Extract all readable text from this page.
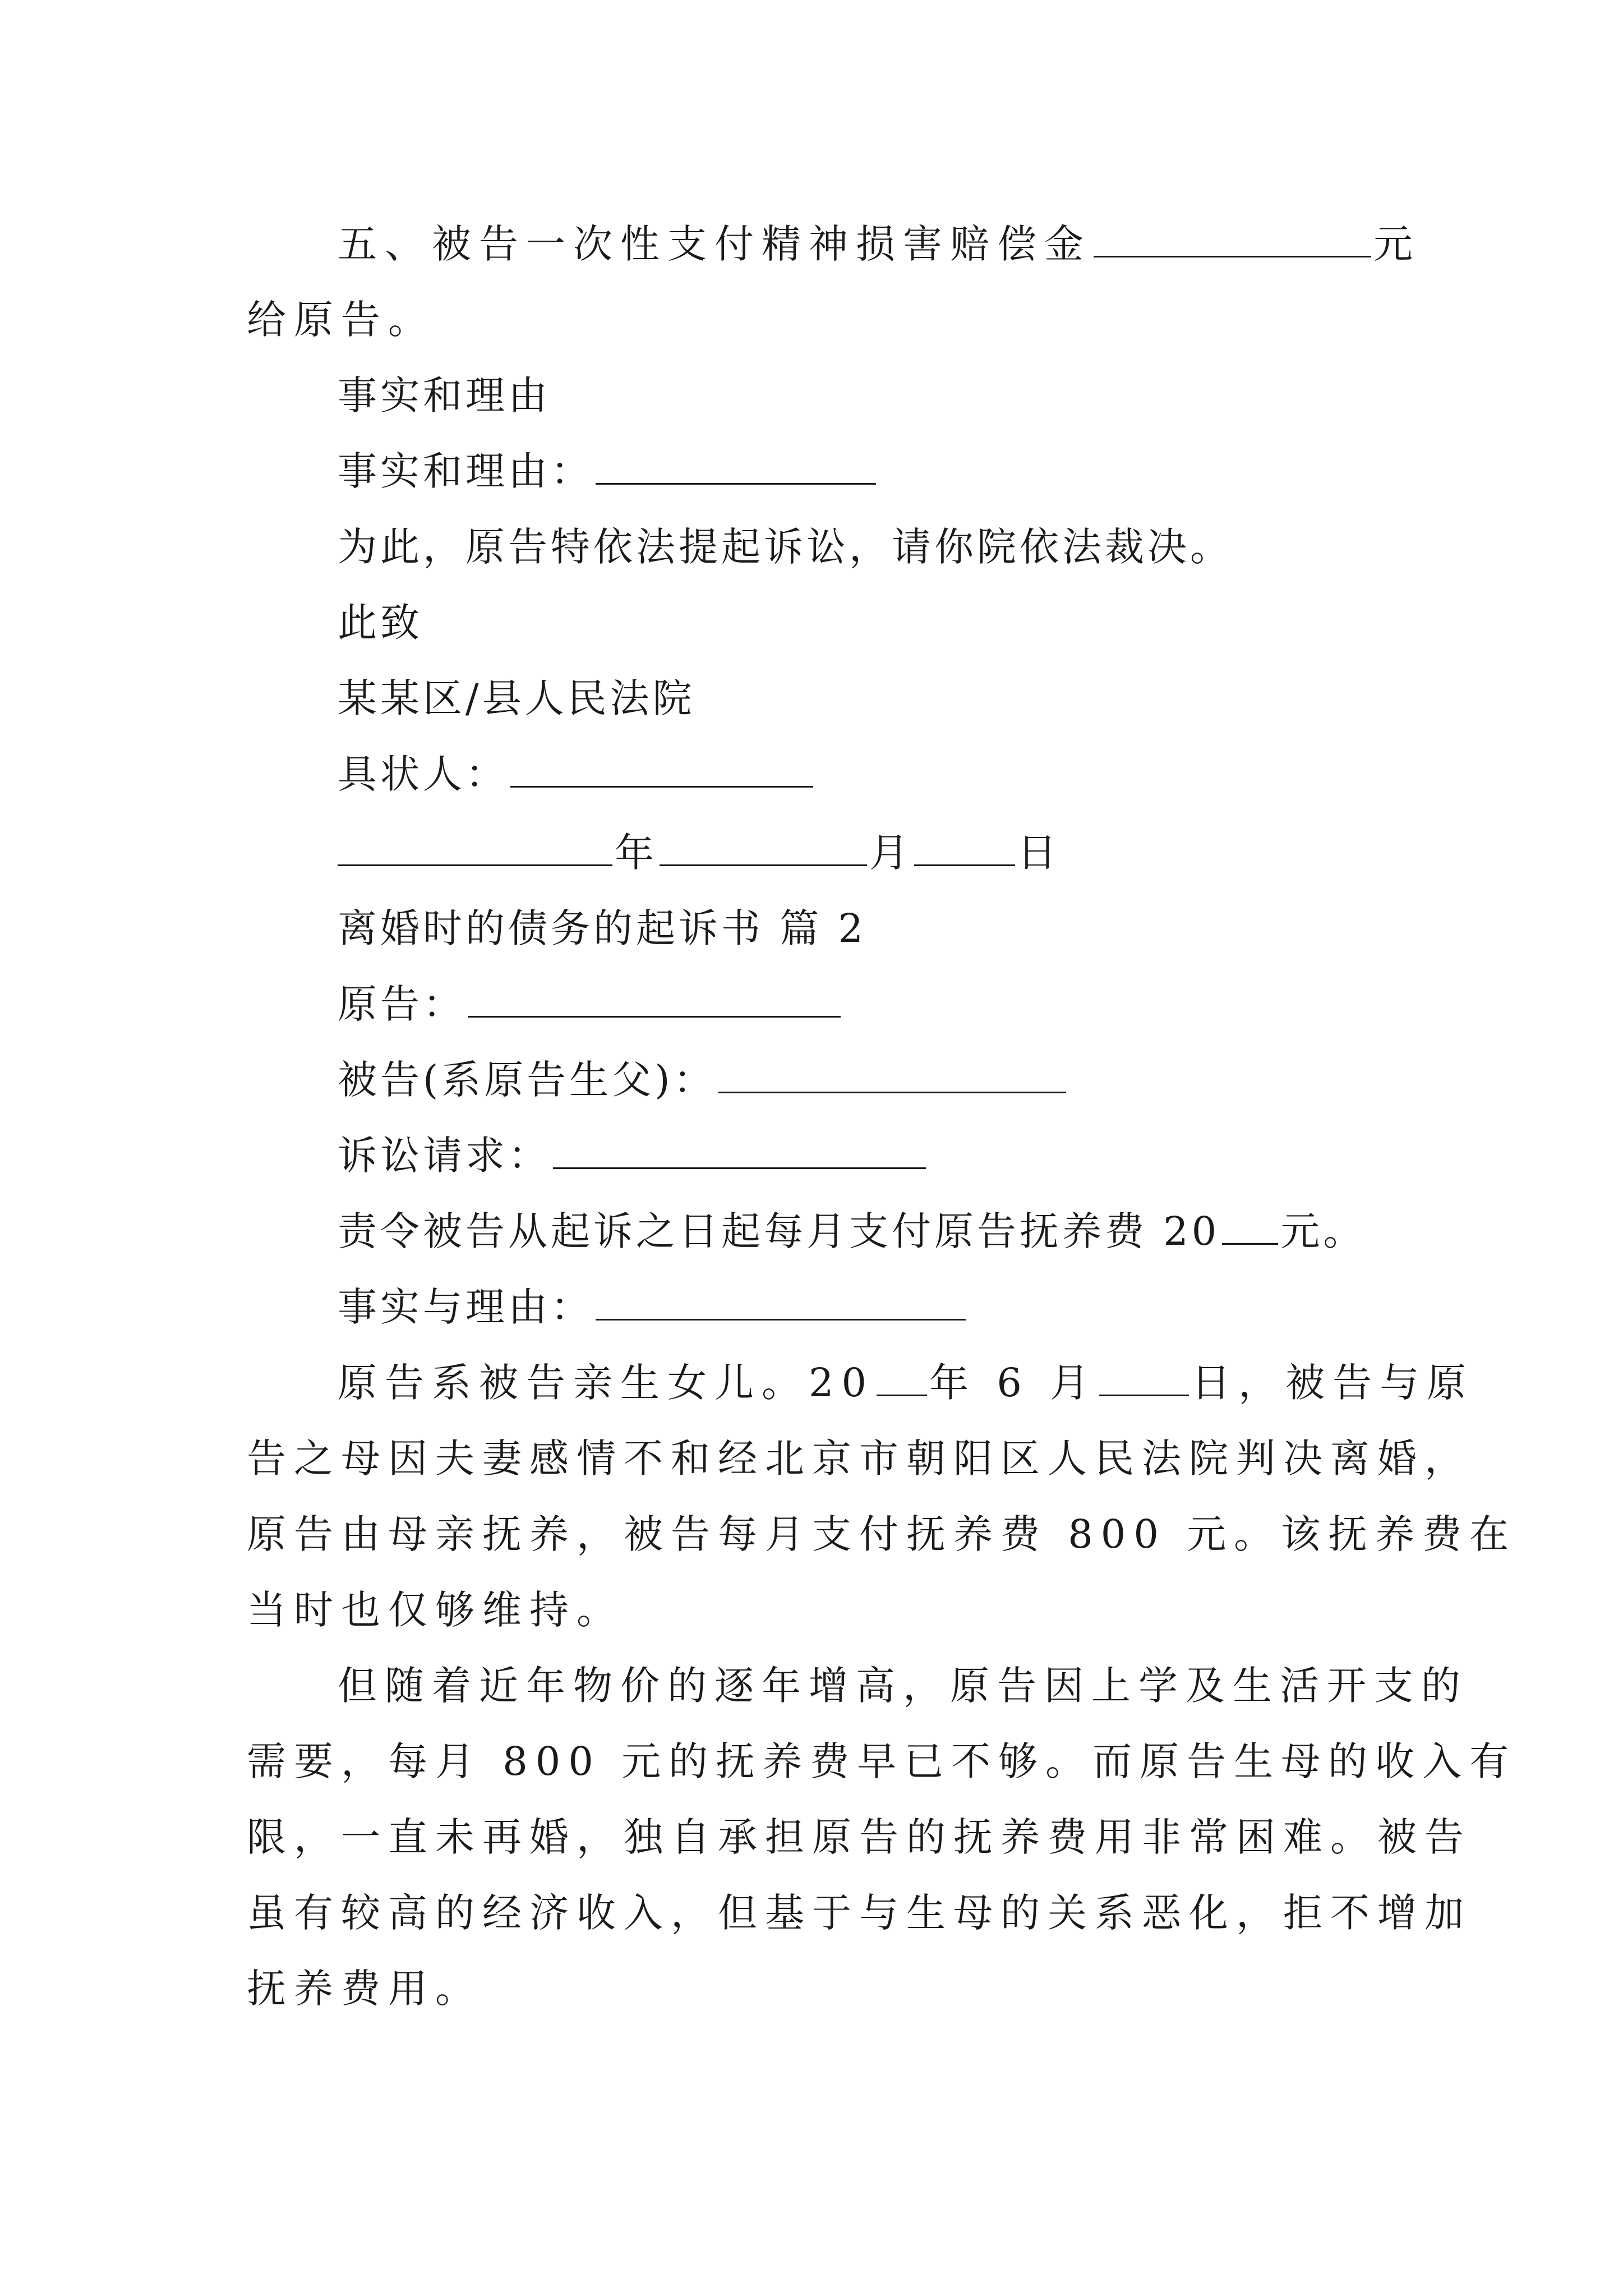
五、被告一次性支付精神损害赔偿金	元
给原告。
事实和理由
事实和理由：
为此，原告特依法提起诉讼，请你院依法裁决。
此致
某某区/县人民法院
具状人：
年	月	日
离婚时的债务的起诉书 篇 2
原告：
被告(系原告生父)：
诉讼请求：
责令被告从起诉之日起每月支付原告抚养费 20 元。
事实与理由：
原告系被告亲生女儿。20 年 6 月 日，被告与原
告之母因夫妻感情不和经北京市朝阳区人民法院判决离婚，
原告由母亲抚养，被告每月支付抚养费 800 元。该抚养费在
当时也仅够维持。
但随着近年物价的逐年增高，原告因上学及生活开支的
需要，每月 800 元的抚养费早已不够。而原告生母的收入有
限，一直未再婚，独自承担原告的抚养费用非常困难。被告
虽有较高的经济收入，但基于与生母的关系恶化，拒不增加
抚养费用。
